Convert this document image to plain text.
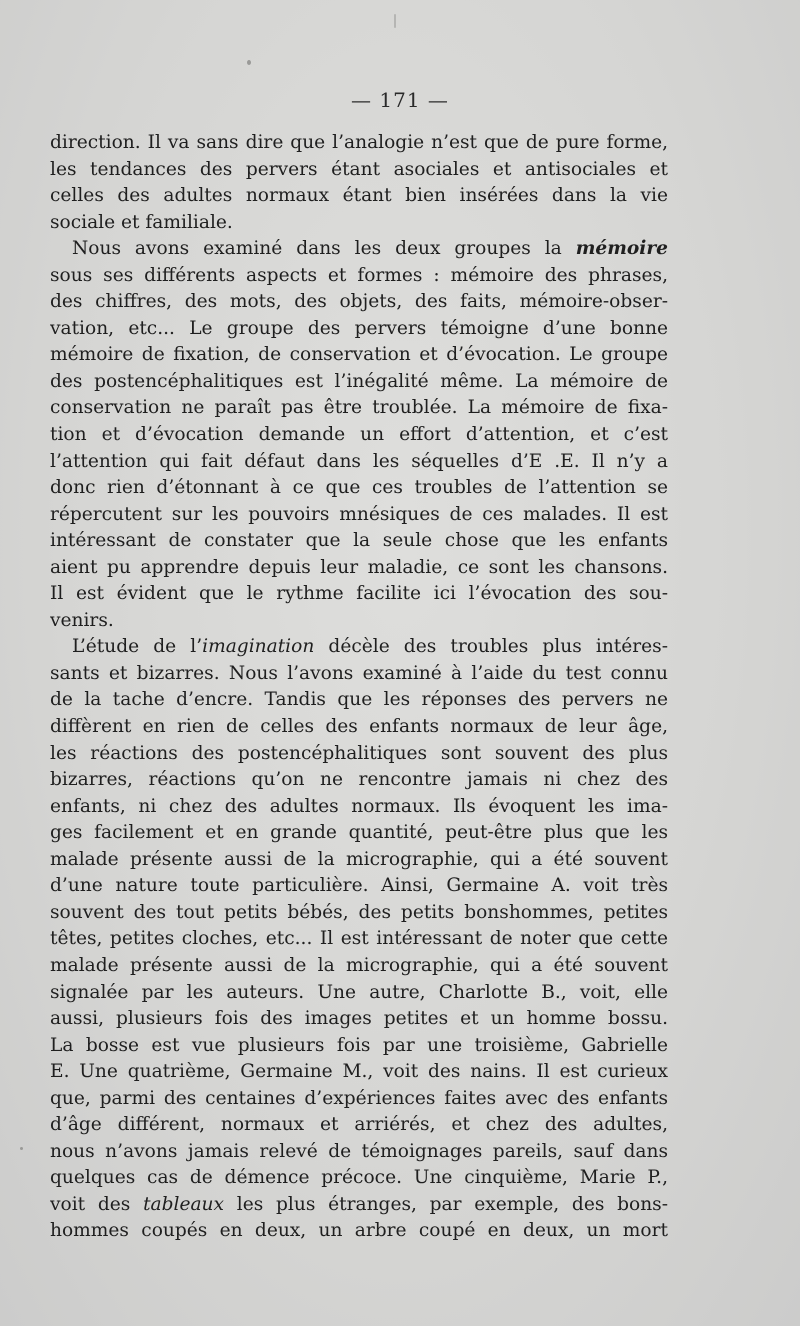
— 171 —
direction. Il va sans dire que l’analogie n’est que de pure forme,
les tendances des pervers étant asociales et antisociales et
celles des adultes normaux étant bien insérées dans la vie
sociale et familiale.
Nous avons examiné dans les deux groupes la mémoire
sous ses différents aspects et formes : mémoire des phrases,
des chiffres, des mots, des objets, des faits, mémoire-obser-
vation, etc... Le groupe des pervers témoigne d’une bonne
mémoire de fixation, de conservation et d’évocation. Le groupe
des postencéphalitiques est l’inégalité même. La mémoire de
conservation ne paraît pas être troublée. La mémoire de fixa-
tion et d’évocation demande un effort d’attention, et c’est
l’attention qui fait défaut dans les séquelles d’E .E. Il n’y a
donc rien d’étonnant à ce que ces troubles de l’attention se
répercutent sur les pouvoirs mnésiques de ces malades. Il est
intéressant de constater que la seule chose que les enfants
aient pu apprendre depuis leur maladie, ce sont les chansons.
Il est évident que le rythme facilite ici l’évocation des sou-
venirs.
L’étude de l’imagination décèle des troubles plus intéres-
sants et bizarres. Nous l’avons examiné à l’aide du test connu
de la tache d’encre. Tandis que les réponses des pervers ne
diffèrent en rien de celles des enfants normaux de leur âge,
les réactions des postencéphalitiques sont souvent des plus
bizarres, réactions qu’on ne rencontre jamais ni chez des
enfants, ni chez des adultes normaux. Ils évoquent les ima-
ges facilement et en grande quantité, peut-être plus que les
malade présente aussi de la micrographie, qui a été souvent
d’une nature toute particulière. Ainsi, Germaine A. voit très
souvent des tout petits bébés, des petits bonshommes, petites
têtes, petites cloches, etc... Il est intéressant de noter que cette
malade présente aussi de la micrographie, qui a été souvent
signalée par les auteurs. Une autre, Charlotte B., voit, elle
aussi, plusieurs fois des images petites et un homme bossu.
La bosse est vue plusieurs fois par une troisième, Gabrielle
E. Une quatrième, Germaine M., voit des nains. Il est curieux
que, parmi des centaines d’expériences faites avec des enfants
d’âge différent, normaux et arriérés, et chez des adultes,
nous n’avons jamais relevé de témoignages pareils, sauf dans
quelques cas de démence précoce. Une cinquième, Marie P.,
voit des tableaux les plus étranges, par exemple, des bons-
hommes coupés en deux, un arbre coupé en deux, un mort
